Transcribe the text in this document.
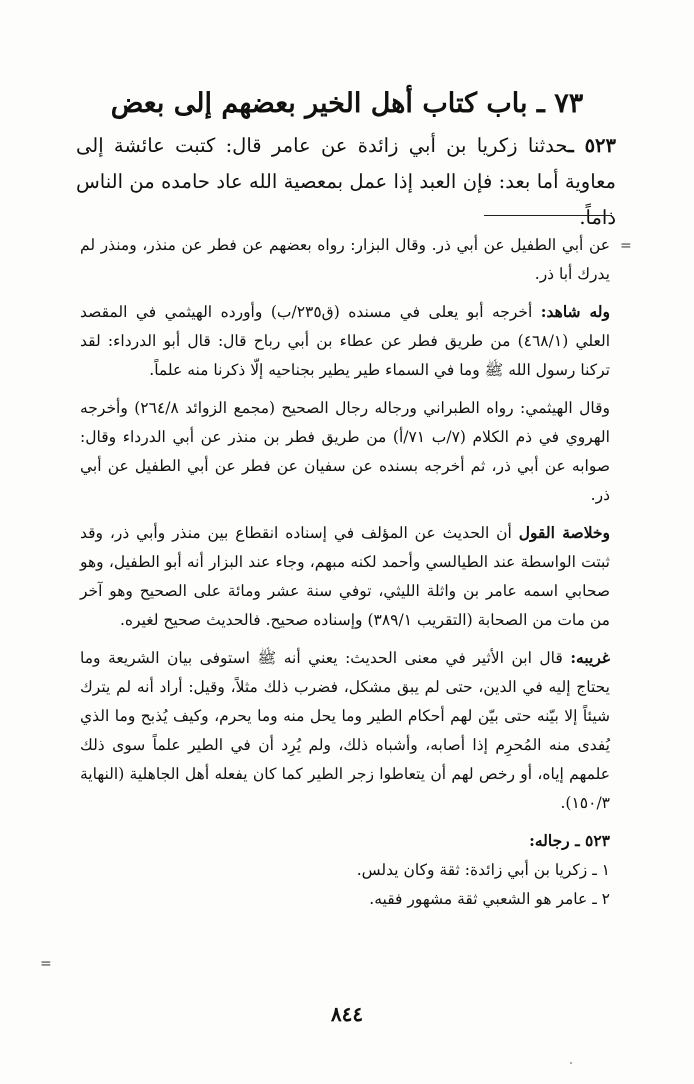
٧٣ ـ باب كتاب أهل الخير بعضهم إلى بعض
٥٢٣ ـحدثنا زكريا بن أبي زائدة عن عامر قال: كتبت عائشة إلى معاوية أما بعد: فإن العبد إذا عمل بمعصية الله عاد حامده من الناس ذاماً.
=

عن أبي الطفيل عن أبي ذر. وقال البزار: رواه بعضهم عن فطر عن منذر، ومنذر لم يدرك أبا ذر.

وله شاهد: أخرجه أبو يعلى في مسنده (ق٢٣٥/ب) وأورده الهيثمي في المقصد العلي (٤٦٨/١) من طريق فطر عن عطاء بن أبي رباح قال: قال أبو الدرداء: لقد تركنا رسول الله ﷺ وما في السماء طير يطير بجناحيه إلّا ذكرنا منه علماً.

وقال الهيثمي: رواه الطبراني ورجاله رجال الصحيح (مجمع الزوائد ٢٦٤/٨) وأخرجه الهروي في ذم الكلام (٧/ب ٧١/أ) من طريق فطر بن منذر عن أبي الدرداء وقال: صوابه عن أبي ذر، ثم أخرجه بسنده عن سفيان عن فطر عن أبي الطفيل عن أبي ذر.

وخلاصة القول أن الحديث عن المؤلف في إسناده انقطاع بين منذر وأبي ذر، وقد ثبتت الواسطة عند الطيالسي وأحمد لكنه مبهم، وجاء عند البزار أنه أبو الطفيل، وهو صحابي اسمه عامر بن واثلة الليثي، توفي سنة عشر ومائة على الصحيح وهو آخر من مات من الصحابة (التقريب ٣٨٩/١) وإسناده صحيح. فالحديث صحيح لغيره.

غريبه: قال ابن الأثير في معنى الحديث: يعني أنه ﷺ استوفى بيان الشريعة وما يحتاج إليه في الدين، حتى لم يبق مشكل، فضرب ذلك مثلاً، وقيل: أراد أنه لم يترك شيئاً إلا بيّنه حتى بيّن لهم أحكام الطير وما يحل منه وما يحرم، وكيف يُذبح وما الذي يُفدى منه المُحرِم إذا أصابه، وأشباه ذلك، ولم يُرِد أن في الطير علماً سوى ذلك علمهم إياه، أو رخص لهم أن يتعاطوا زجر الطير كما كان يفعله أهل الجاهلية (النهاية ١٥٠/٣).

٥٢٣ ـ رجاله:

١ ـ زكريا بن أبي زائدة: ثقة وكان يدلس.

٢ ـ عامر هو الشعبي ثقة مشهور فقيه.

=
٨٤٤
